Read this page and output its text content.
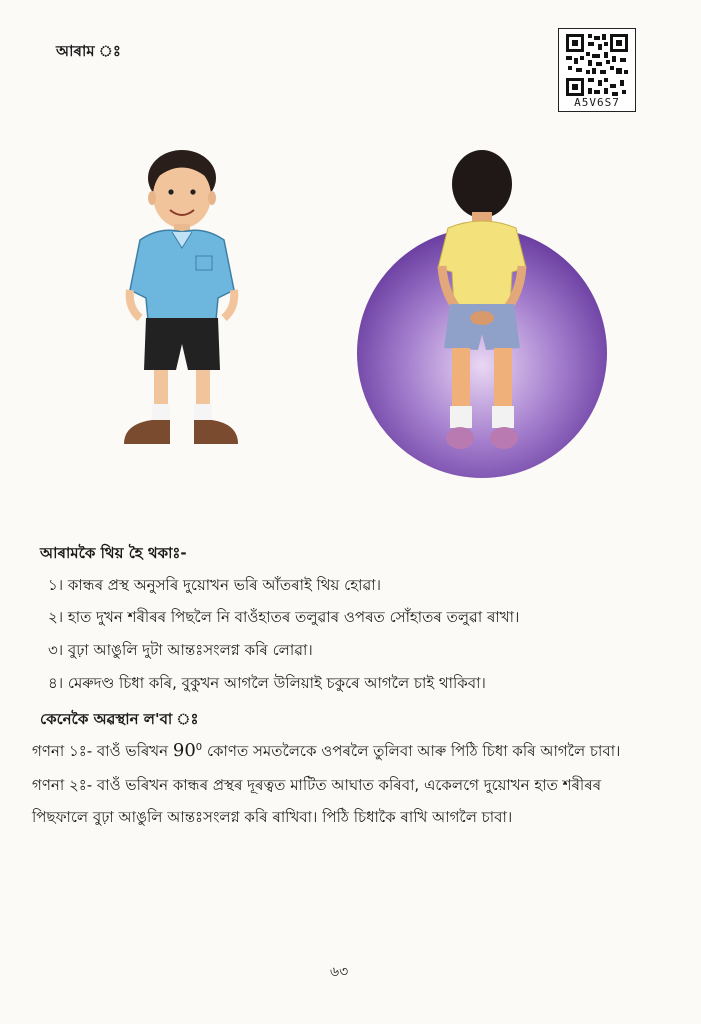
আৰাম ঃ
A5V6S7
আৰামকৈ থিয় হৈ থকাঃ-
১। কান্ধৰ প্ৰস্থ অনুসৰি দুয়োখন ভৰি আঁতৰাই থিয় হোৱা।
২। হাত দুখন শৰীৰৰ পিছলৈ নি বাওঁহাতৰ তলুৱাৰ ওপৰত সোঁহাতৰ তলুৱা ৰাখা।
৩। বুঢ়া আঙুলি দুটা আন্তঃসংলগ্ন কৰি লোৱা।
৪। মেৰুদণ্ড চিধা কৰি, বুকুখন আগলৈ উলিয়াই চকুৰে আগলৈ চাই থাকিবা।
কেনেকৈ অৱস্থান ল'বা ঃ
গণনা ১ঃ- বাওঁ ভৰিখন $90^0$ কোণত সমতলৈকে ওপৰলৈ তুলিবা আৰু পিঠি চিধা কৰি আগলৈ চাবা।
গণনা ২ঃ- বাওঁ ভৰিখন কান্ধৰ প্ৰস্থৰ দূৰত্বত মাটিত আঘাত কৰিবা, একেলগে দুয়োখন হাত শৰীৰৰ
পিছফালে বুঢ়া আঙুলি আন্তঃসংলগ্ন কৰি ৰাখিবা। পিঠি চিধাকৈ ৰাখি আগলৈ চাবা।
৬৩
